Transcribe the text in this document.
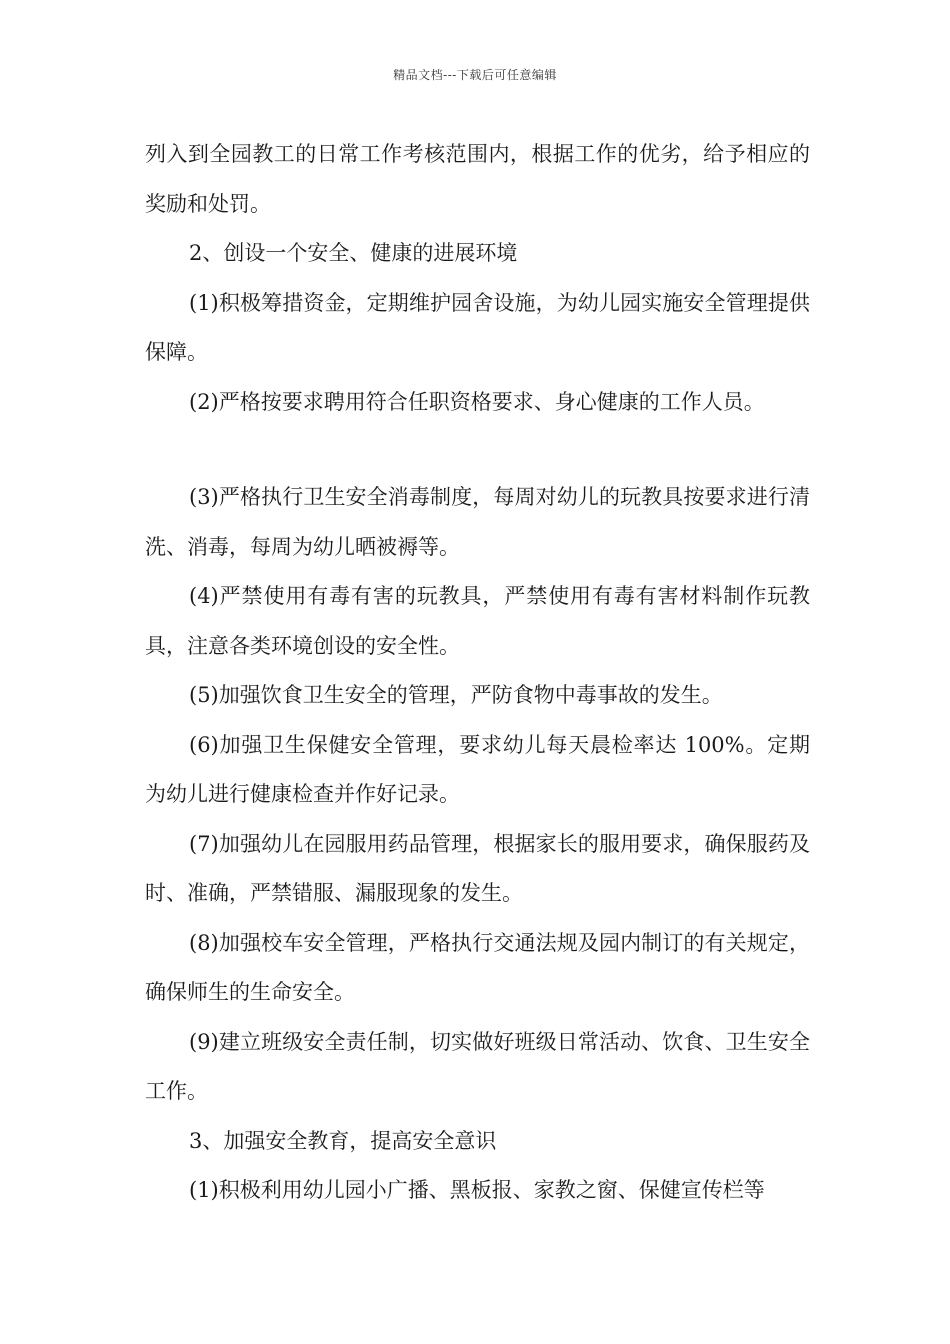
精品文档---下载后可任意编辑

列入到全园教工的日常工作考核范围内，根据工作的优劣，给予相应的奖励和处罚。

2、创设一个安全、健康的进展环境

(1)积极筹措资金，定期维护园舍设施，为幼儿园实施安全管理提供保障。

(2)严格按要求聘用符合任职资格要求、身心健康的工作人员。

(3)严格执行卫生安全消毒制度，每周对幼儿的玩教具按要求进行清洗、消毒，每周为幼儿晒被褥等。

(4)严禁使用有毒有害的玩教具，严禁使用有毒有害材料制作玩教具，注意各类环境创设的安全性。

(5)加强饮食卫生安全的管理，严防食物中毒事故的发生。

(6)加强卫生保健安全管理，要求幼儿每天晨检率达 100%。定期为幼儿进行健康检查并作好记录。

(7)加强幼儿在园服用药品管理，根据家长的服用要求，确保服药及时、准确，严禁错服、漏服现象的发生。

(8)加强校车安全管理，严格执行交通法规及园内制订的有关规定，确保师生的生命安全。

(9)建立班级安全责任制，切实做好班级日常活动、饮食、卫生安全工作。

3、加强安全教育，提高安全意识

(1)积极利用幼儿园小广播、黑板报、家教之窗、保健宣传栏等
